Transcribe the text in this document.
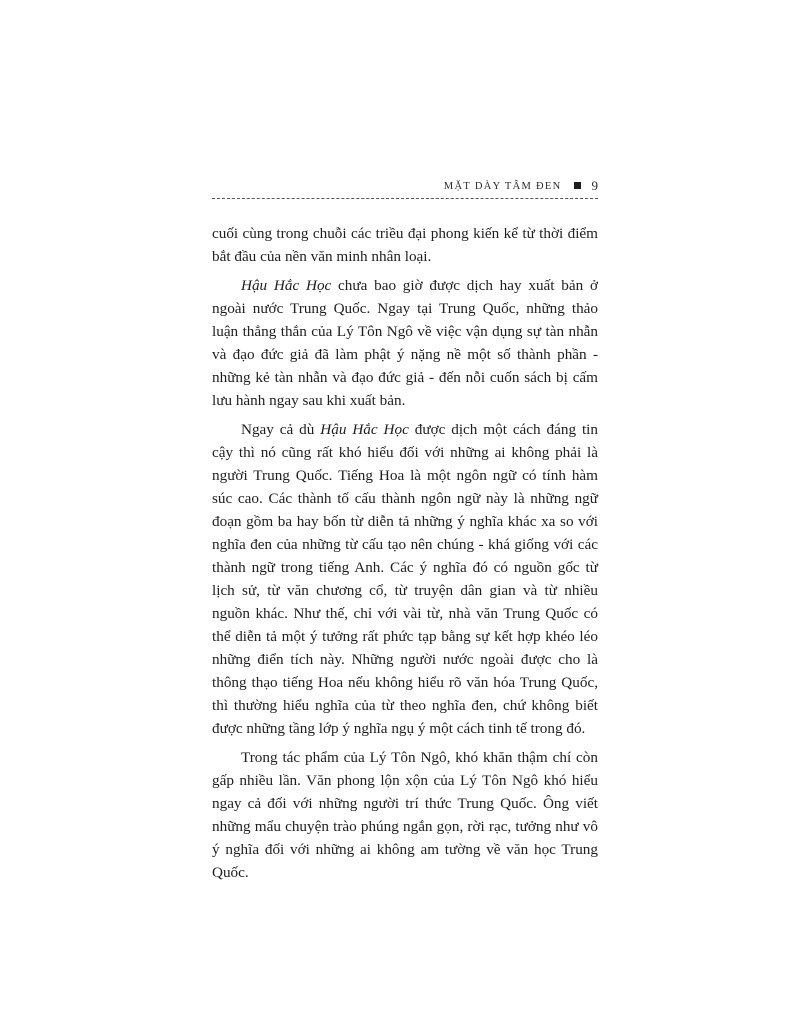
MẶT DÀY TÂM ĐEN 9

cuối cùng trong chuỗi các triều đại phong kiến kể từ thời điểm bắt đầu của nền văn minh nhân loại.

Hậu Hắc Học chưa bao giờ được dịch hay xuất bản ở ngoài nước Trung Quốc. Ngay tại Trung Quốc, những thảo luận thẳng thắn của Lý Tôn Ngô về việc vận dụng sự tàn nhẫn và đạo đức giả đã làm phật ý nặng nề một số thành phần - những kẻ tàn nhẫn và đạo đức giả - đến nỗi cuốn sách bị cấm lưu hành ngay sau khi xuất bản.

Ngay cả dù Hậu Hắc Học được dịch một cách đáng tin cậy thì nó cũng rất khó hiểu đối với những ai không phải là người Trung Quốc. Tiếng Hoa là một ngôn ngữ có tính hàm súc cao. Các thành tố cấu thành ngôn ngữ này là những ngữ đoạn gồm ba hay bốn từ diễn tả những ý nghĩa khác xa so với nghĩa đen của những từ cấu tạo nên chúng - khá giống với các thành ngữ trong tiếng Anh. Các ý nghĩa đó có nguồn gốc từ lịch sử, từ văn chương cổ, từ truyện dân gian và từ nhiều nguồn khác. Như thế, chỉ với vài từ, nhà văn Trung Quốc có thể diễn tả một ý tưởng rất phức tạp bằng sự kết hợp khéo léo những điển tích này. Những người nước ngoài được cho là thông thạo tiếng Hoa nếu không hiểu rõ văn hóa Trung Quốc, thì thường hiểu nghĩa của từ theo nghĩa đen, chứ không biết được những tầng lớp ý nghĩa ngụ ý một cách tinh tế trong đó.

Trong tác phẩm của Lý Tôn Ngô, khó khăn thậm chí còn gấp nhiều lần. Văn phong lộn xộn của Lý Tôn Ngô khó hiểu ngay cả đối với những người trí thức Trung Quốc. Ông viết những mẩu chuyện trào phúng ngắn gọn, rời rạc, tưởng như vô ý nghĩa đối với những ai không am tường về văn học Trung Quốc.
